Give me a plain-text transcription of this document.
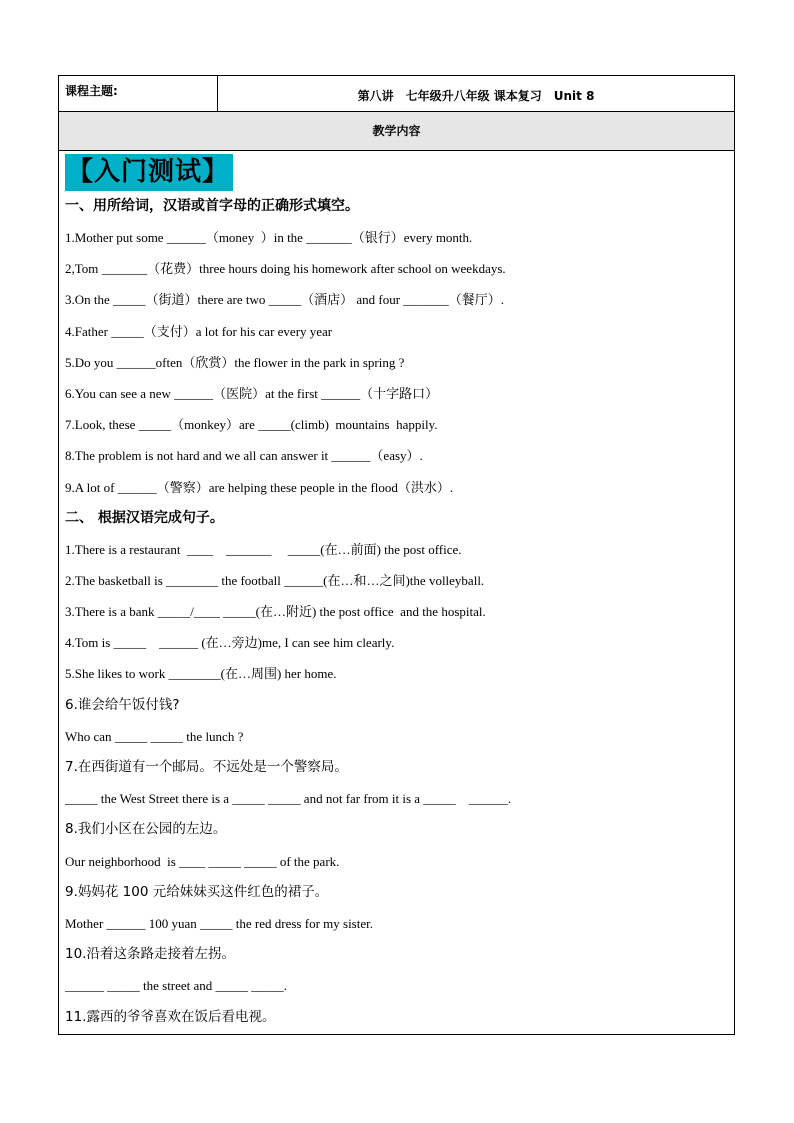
课程主题:	第八讲　七年级升八年级 课本复习　Unit 8
教学内容
【入门测试】
一、用所给词，汉语或首字母的正确形式填空。
1.Mother put some ______（money  ）in the _______（银行）every month.
2,Tom _______（花费）three hours doing his homework after school on weekdays.
3.On the _____（街道）there are two _____（酒店） and four _______（餐厅）.
4.Father _____（支付）a lot for his car every year
5.Do you ______often（欣赏）the flower in the park in spring ?
6.You can see a new ______（医院）at the first ______（十字路口）
7.Look, these _____（monkey）are _____(climb)  mountains  happily.
8.The problem is not hard and we all can answer it ______（easy）.
9.A lot of ______（警察）are helping these people in the flood（洪水）.
二、 根据汉语完成句子。
1.There is a restaurant  ____    _______     _____(在…前面) the post office.
2.The basketball is ________ the football ______(在…和…之间)the volleyball.
3.There is a bank _____/____ _____(在…附近) the post office  and the hospital.
4.Tom is _____    ______ (在…旁边)me, I can see him clearly.
5.She likes to work ________(在…周围) her home.
6.谁会给午饭付钱?
Who can _____ _____ the lunch ?
7.在西街道有一个邮局。不远处是一个警察局。
_____ the West Street there is a _____ _____ and not far from it is a _____    ______.
8.我们小区在公园的左边。
Our neighborhood  is ____ _____ _____ of the park.
9.妈妈花 100 元给妹妹买这件红色的裙子。
Mother ______ 100 yuan _____ the red dress for my sister.
10.沿着这条路走接着左拐。
______ _____ the street and _____ _____.
11.露西的爷爷喜欢在饭后看电视。
